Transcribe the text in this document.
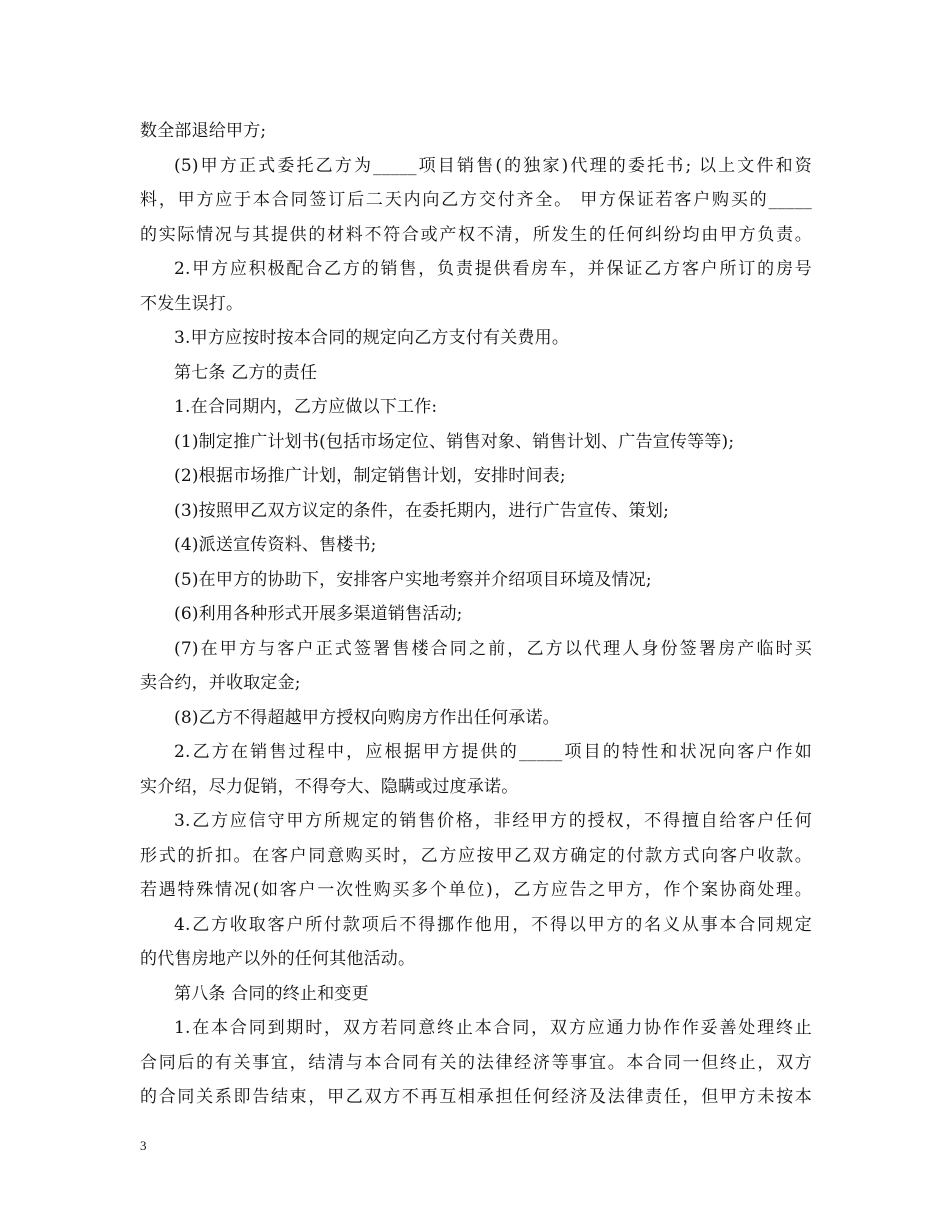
数全部退给甲方;
(5)甲方正式委托乙方为_____项目销售(的独家)代理的委托书; 以上文件和资
料，甲方应于本合同签订后二天内向乙方交付齐全。 甲方保证若客户购买的_____
的实际情况与其提供的材料不符合或产权不清，所发生的任何纠纷均由甲方负责。
2.甲方应积极配合乙方的销售，负责提供看房车，并保证乙方客户所订的房号
不发生误打。
3.甲方应按时按本合同的规定向乙方支付有关费用。
第七条 乙方的责任
1.在合同期内，乙方应做以下工作:
(1)制定推广计划书(包括市场定位、销售对象、销售计划、广告宣传等等);
(2)根据市场推广计划，制定销售计划，安排时间表;
(3)按照甲乙双方议定的条件，在委托期内，进行广告宣传、策划;
(4)派送宣传资料、售楼书;
(5)在甲方的协助下，安排客户实地考察并介绍项目环境及情况;
(6)利用各种形式开展多渠道销售活动;
(7)在甲方与客户正式签署售楼合同之前，乙方以代理人身份签署房产临时买
卖合约，并收取定金;
(8)乙方不得超越甲方授权向购房方作出任何承诺。
2.乙方在销售过程中，应根据甲方提供的_____项目的特性和状况向客户作如
实介绍，尽力促销，不得夸大、隐瞒或过度承诺。
3.乙方应信守甲方所规定的销售价格，非经甲方的授权，不得擅自给客户任何
形式的折扣。在客户同意购买时，乙方应按甲乙双方确定的付款方式向客户收款。
若遇特殊情况(如客户一次性购买多个单位)，乙方应告之甲方，作个案协商处理。
4.乙方收取客户所付款项后不得挪作他用，不得以甲方的名义从事本合同规定
的代售房地产以外的任何其他活动。
第八条 合同的终止和变更
1.在本合同到期时，双方若同意终止本合同，双方应通力协作作妥善处理终止
合同后的有关事宜，结清与本合同有关的法律经济等事宜。本合同一但终止，双方
的合同关系即告结束，甲乙双方不再互相承担任何经济及法律责任，但甲方未按本
3
